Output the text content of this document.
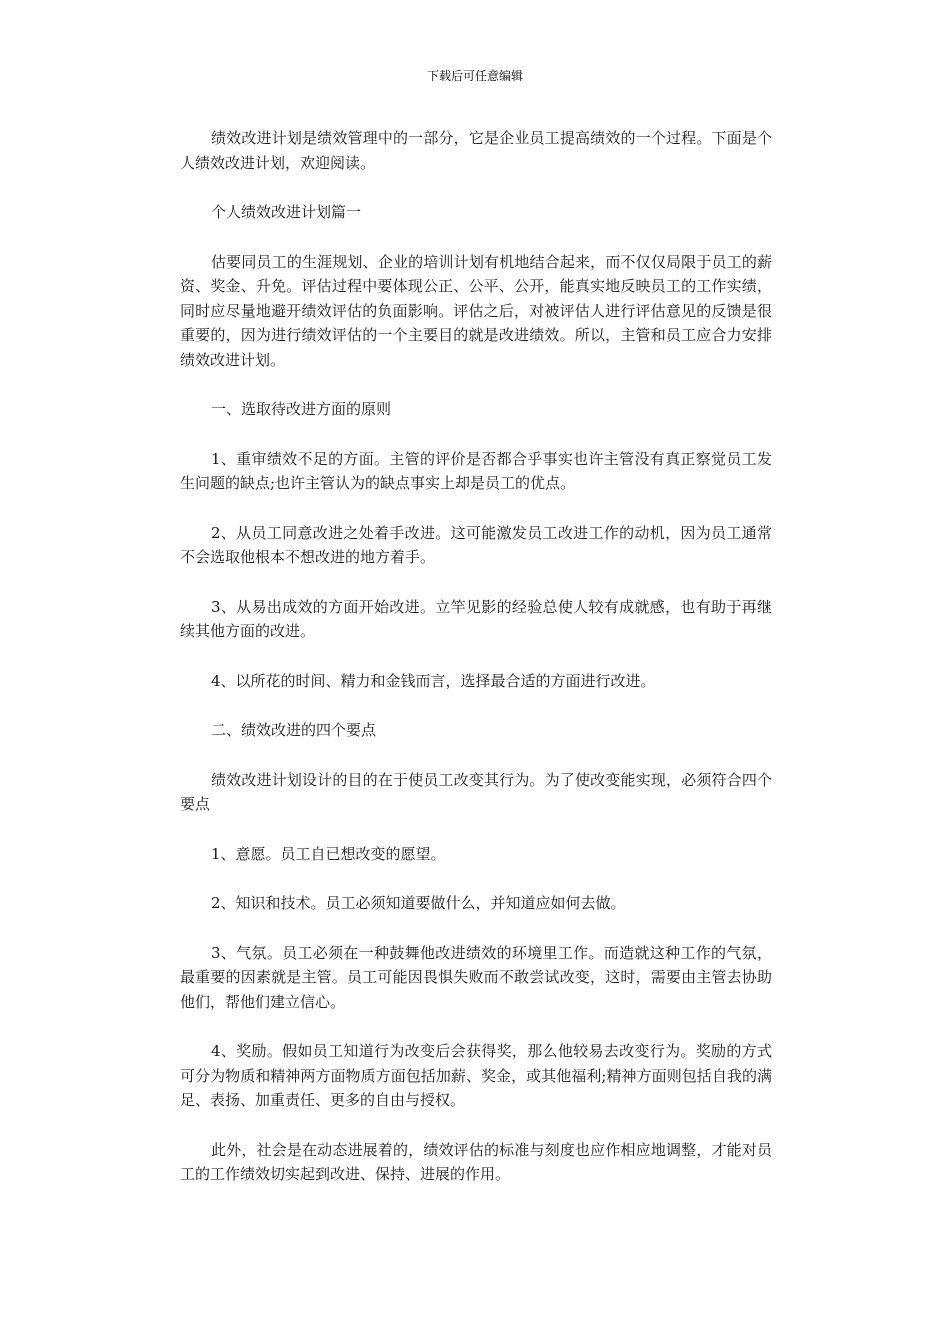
下载后可任意编辑

绩效改进计划是绩效管理中的一部分，它是企业员工提高绩效的一个过程。下面是个人绩效改进计划，欢迎阅读。

个人绩效改进计划篇一

估要同员工的生涯规划、企业的培训计划有机地结合起来，而不仅仅局限于员工的薪资、奖金、升免。评估过程中要体现公正、公平、公开，能真实地反映员工的工作实绩，同时应尽量地避开绩效评估的负面影响。评估之后，对被评估人进行评估意见的反馈是很重要的，因为进行绩效评估的一个主要目的就是改进绩效。所以，主管和员工应合力安排绩效改进计划。

一、选取待改进方面的原则

1、重审绩效不足的方面。主管的评价是否都合乎事实也许主管没有真正察觉员工发生问题的缺点;也许主管认为的缺点事实上却是员工的优点。

2、从员工同意改进之处着手改进。这可能激发员工改进工作的动机，因为员工通常不会选取他根本不想改进的地方着手。

3、从易出成效的方面开始改进。立竿见影的经验总使人较有成就感，也有助于再继续其他方面的改进。

4、以所花的时间、精力和金钱而言，选择最合适的方面进行改进。

二、绩效改进的四个要点

绩效改进计划设计的目的在于使员工改变其行为。为了使改变能实现，必须符合四个要点

1、意愿。员工自已想改变的愿望。

2、知识和技术。员工必须知道要做什么，并知道应如何去做。

3、气氛。员工必须在一种鼓舞他改进绩效的环境里工作。而造就这种工作的气氛，最重要的因素就是主管。员工可能因畏惧失败而不敢尝试改变，这时，需要由主管去协助他们，帮他们建立信心。

4、奖励。假如员工知道行为改变后会获得奖，那么他较易去改变行为。奖励的方式可分为物质和精神两方面物质方面包括加薪、奖金，或其他福利;精神方面则包括自我的满足、表扬、加重责任、更多的自由与授权。

此外，社会是在动态进展着的，绩效评估的标准与刻度也应作相应地调整，才能对员工的工作绩效切实起到改进、保持、进展的作用。
